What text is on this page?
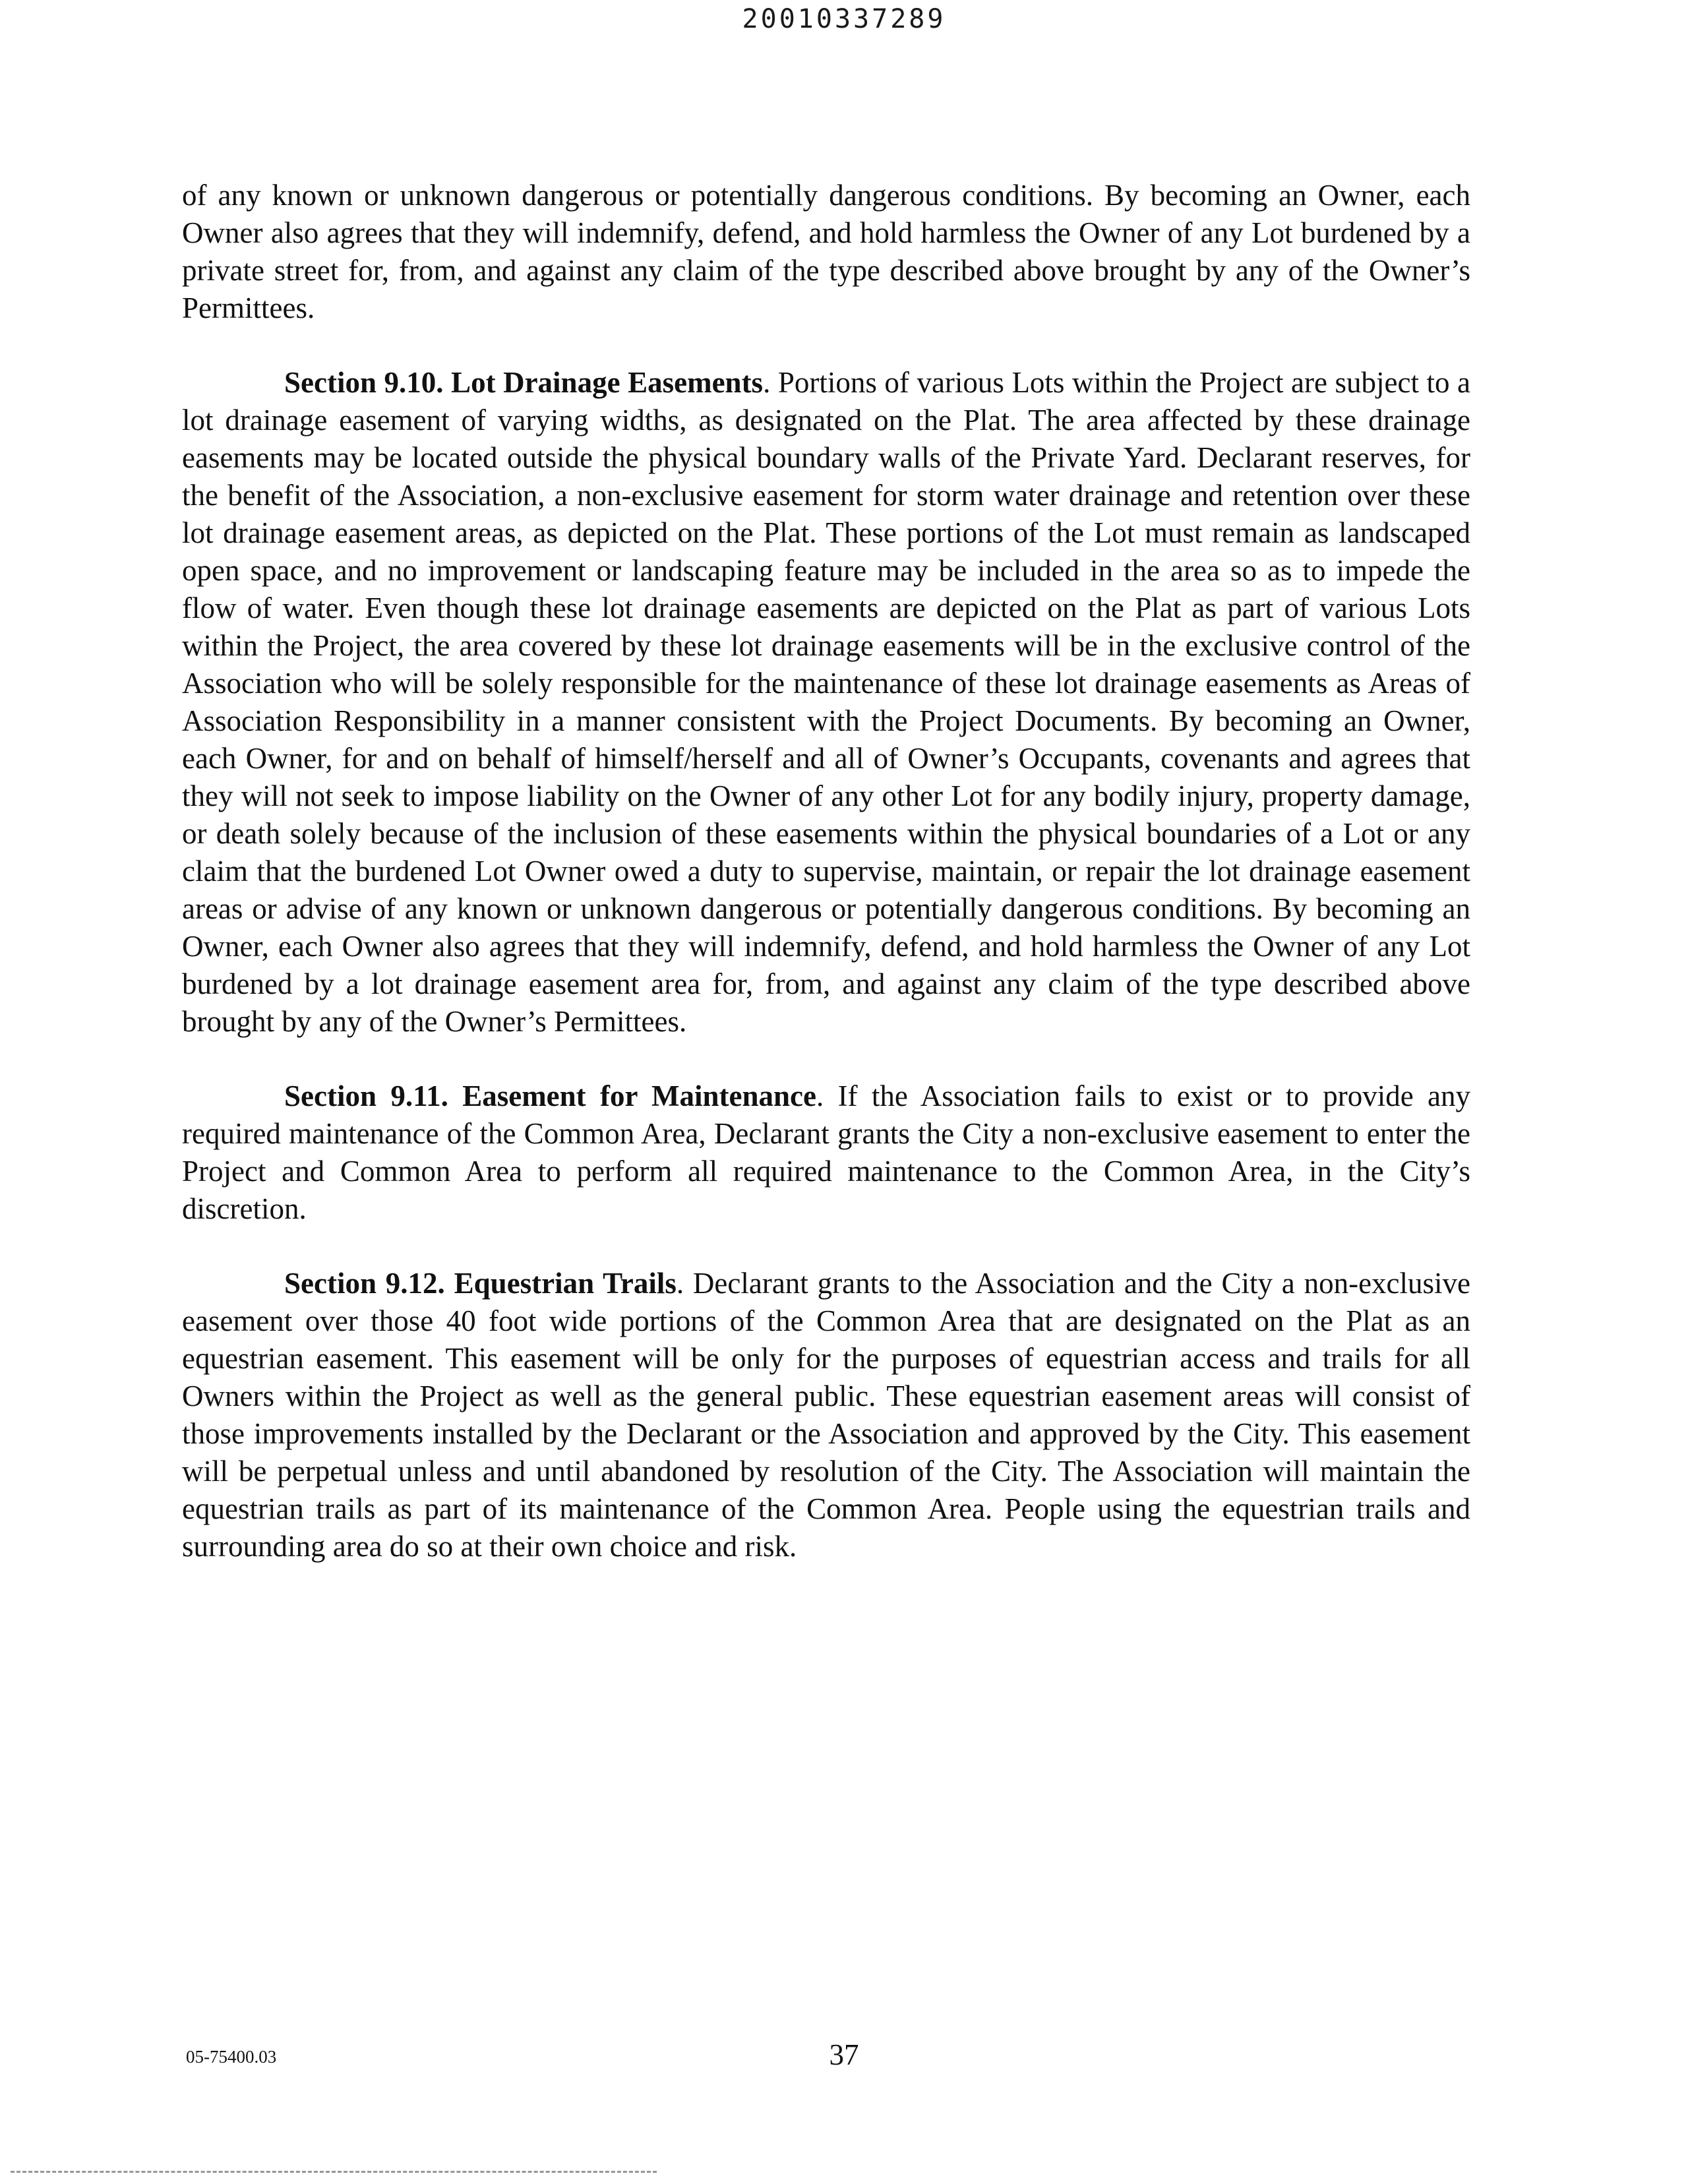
20010337289

of any known or unknown dangerous or potentially dangerous conditions. By becoming an Owner, each Owner also agrees that they will indemnify, defend, and hold harmless the Owner of any Lot burdened by a private street for, from, and against any claim of the type described above brought by any of the Owner’s Permittees.

Section 9.10. Lot Drainage Easements. Portions of various Lots within the Project are subject to a lot drainage easement of varying widths, as designated on the Plat. The area affected by these drainage easements may be located outside the physical boundary walls of the Private Yard. Declarant reserves, for the benefit of the Association, a non-exclusive easement for storm water drainage and retention over these lot drainage easement areas, as depicted on the Plat. These portions of the Lot must remain as landscaped open space, and no improvement or landscaping feature may be included in the area so as to impede the flow of water. Even though these lot drainage easements are depicted on the Plat as part of various Lots within the Project, the area covered by these lot drainage easements will be in the exclusive control of the Association who will be solely responsible for the maintenance of these lot drainage easements as Areas of Association Responsibility in a manner consistent with the Project Documents. By becoming an Owner, each Owner, for and on behalf of himself/herself and all of Owner’s Occupants, covenants and agrees that they will not seek to impose liability on the Owner of any other Lot for any bodily injury, property damage, or death solely because of the inclusion of these easements within the physical boundaries of a Lot or any claim that the burdened Lot Owner owed a duty to supervise, maintain, or repair the lot drainage easement areas or advise of any known or unknown dangerous or potentially dangerous conditions. By becoming an Owner, each Owner also agrees that they will indemnify, defend, and hold harmless the Owner of any Lot burdened by a lot drainage easement area for, from, and against any claim of the type described above brought by any of the Owner’s Permittees.

Section 9.11. Easement for Maintenance. If the Association fails to exist or to provide any required maintenance of the Common Area, Declarant grants the City a non-exclusive easement to enter the Project and Common Area to perform all required maintenance to the Common Area, in the City’s discretion.

Section 9.12. Equestrian Trails. Declarant grants to the Association and the City a non-exclusive easement over those 40 foot wide portions of the Common Area that are designated on the Plat as an equestrian easement. This easement will be only for the purposes of equestrian access and trails for all Owners within the Project as well as the general public. These equestrian easement areas will consist of those improvements installed by the Declarant or the Association and approved by the City. This easement will be perpetual unless and until abandoned by resolution of the City. The Association will maintain the equestrian trails as part of its maintenance of the Common Area. People using the equestrian trails and surrounding area do so at their own choice and risk.

05-75400.03	37
